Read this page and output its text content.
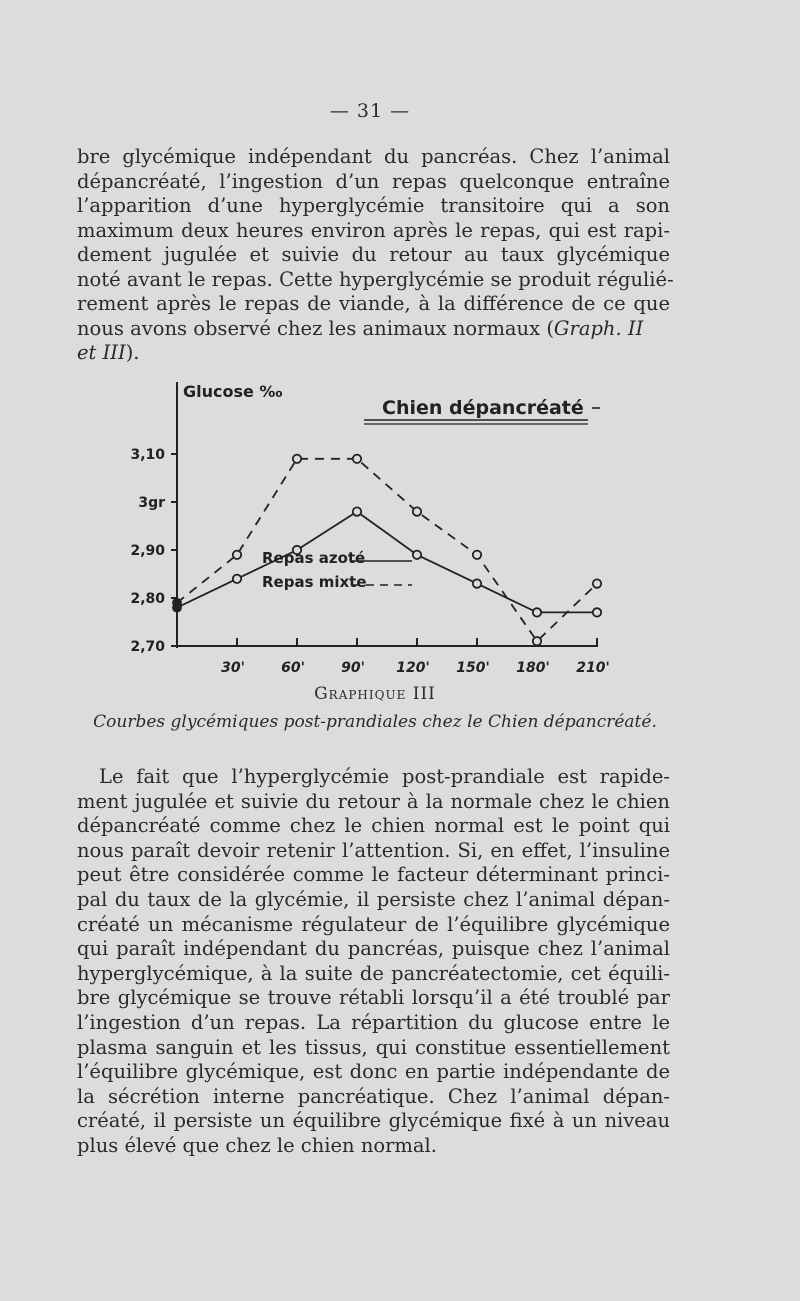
— 31 —
bre glycémique indépendant du pancréas. Chez l’animal
dépancréaté, l’ingestion d’un repas quelconque entraîne
l’apparition d’une hyperglycémie transitoire qui a son
maximum deux heures environ après le repas, qui est rapi-
dement jugulée et suivie du retour au taux glycémique
noté avant le repas. Cette hyperglycémie se produit régulié-
rement après le repas de viande, à la différence de ce que
nous avons observé chez les animaux normaux (Graph. II
et III).
3,10
3gr
2,90
2,80
2,70
30'	60'	90' 120' 150' 180' 210'
Glucose ‰
Chien dépancréaté
Repas azoté
Repas mixte
Graphique III
Courbes glycémiques post-prandiales chez le Chien dépancréaté.
Le fait que l’hyperglycémie post-prandiale est rapide-
ment jugulée et suivie du retour à la normale chez le chien
dépancréaté comme chez le chien normal est le point qui
nous paraît devoir retenir l’attention. Si, en effet, l’insuline
peut être considérée comme le facteur déterminant princi-
pal du taux de la glycémie, il persiste chez l’animal dépan-
créaté un mécanisme régulateur de l’équilibre glycémique
qui paraît indépendant du pancréas, puisque chez l’animal
hyperglycémique, à la suite de pancréatectomie, cet équili-
bre glycémique se trouve rétabli lorsqu’il a été troublé par
l’ingestion d’un repas. La répartition du glucose entre le
plasma sanguin et les tissus, qui constitue essentiellement
l’équilibre glycémique, est donc en partie indépendante de
la sécrétion interne pancréatique. Chez l’animal dépan-
créaté, il persiste un équilibre glycémique fixé à un niveau
plus élevé que chez le chien normal.
